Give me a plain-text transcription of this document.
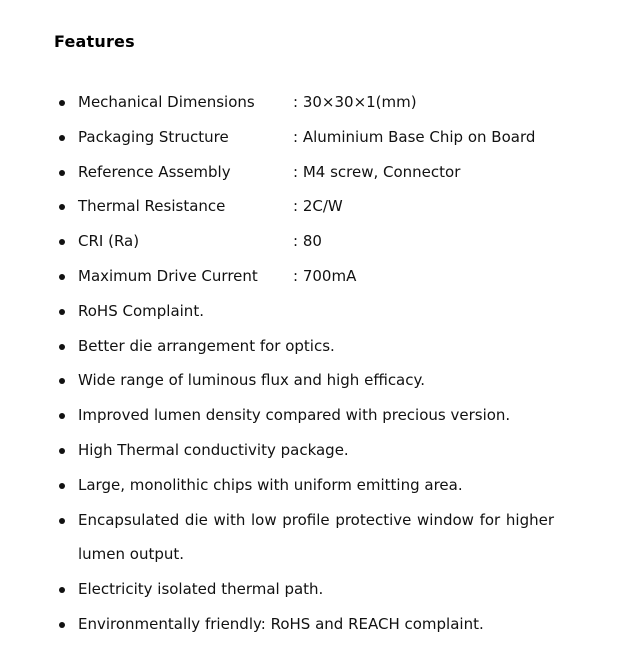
Features
Mechanical Dimensions	: 30×30×1(mm)
Packaging Structure	: Aluminium Base Chip on Board
Reference Assembly	: M4 screw, Connector
Thermal Resistance	: 2C/W
CRI (Ra)	: 80
Maximum Drive Current : 700mA
RoHS Complaint.
Better die arrangement for optics.
Wide range of luminous flux and high efficacy.
Improved lumen density compared with precious version.
High Thermal conductivity package.
Large, monolithic chips with uniform emitting area.
Encapsulated die with low profile protective window for higher lumen output.
Electricity isolated thermal path.
Environmentally friendly: RoHS and REACH complaint.
